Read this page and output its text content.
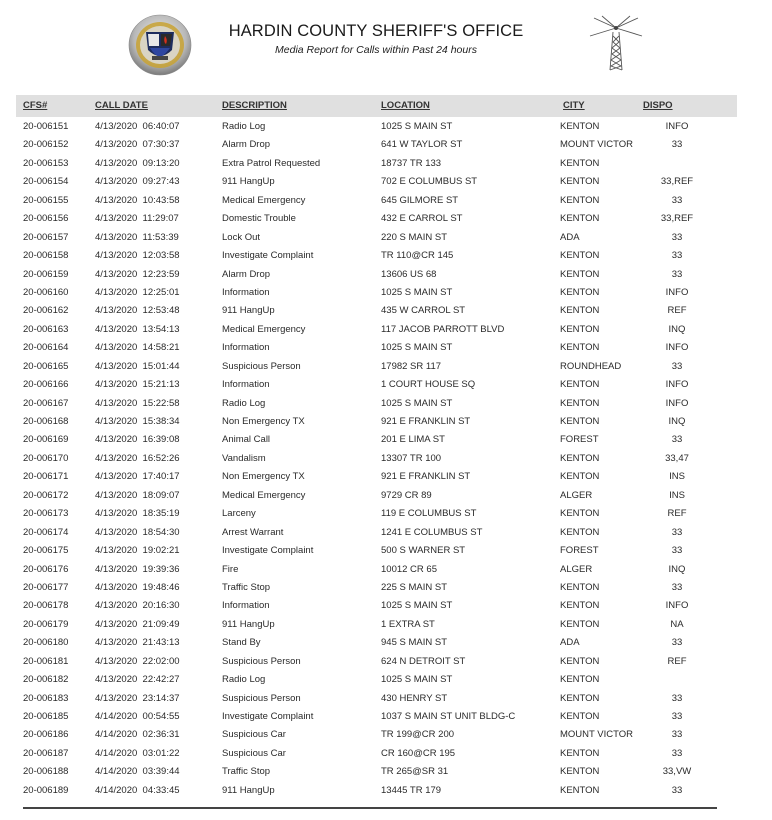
HARDIN COUNTY SHERIFF'S OFFICE
Media Report for Calls within Past 24 hours
CFS#	CALL DATE	DESCRIPTION	LOCATION	CITY	DISPO
20-006151	4/13/2020  06:40:07	Radio Log	1025 S MAIN ST	KENTON	INFO
20-006152	4/13/2020  07:30:37	Alarm Drop	641 W TAYLOR ST	MOUNT VICTOR	33
20-006153	4/13/2020  09:13:20	Extra Patrol Requested	18737 TR 133	KENTON
20-006154	4/13/2020  09:27:43	911 HangUp	702 E COLUMBUS ST	KENTON	33,REF
20-006155	4/13/2020  10:43:58	Medical Emergency	645 GILMORE ST	KENTON	33
20-006156	4/13/2020  11:29:07	Domestic Trouble	432 E CARROL ST	KENTON	33,REF
20-006157	4/13/2020  11:53:39	Lock Out	220 S MAIN ST	ADA	33
20-006158	4/13/2020  12:03:58	Investigate Complaint	TR 110@CR 145	KENTON	33
20-006159	4/13/2020  12:23:59	Alarm Drop	13606 US 68	KENTON	33
20-006160	4/13/2020  12:25:01	Information	1025 S MAIN ST	KENTON	INFO
20-006162	4/13/2020  12:53:48	911 HangUp	435 W CARROL ST	KENTON	REF
20-006163	4/13/2020  13:54:13	Medical Emergency	117 JACOB PARROTT BLVD	KENTON	INQ
20-006164	4/13/2020  14:58:21	Information	1025 S MAIN ST	KENTON	INFO
20-006165	4/13/2020  15:01:44	Suspicious Person	17982 SR 117	ROUNDHEAD	33
20-006166	4/13/2020  15:21:13	Information	1 COURT HOUSE SQ	KENTON	INFO
20-006167	4/13/2020  15:22:58	Radio Log	1025 S MAIN ST	KENTON	INFO
20-006168	4/13/2020  15:38:34	Non Emergency TX	921 E FRANKLIN ST	KENTON	INQ
20-006169	4/13/2020  16:39:08	Animal Call	201 E LIMA ST	FOREST	33
20-006170	4/13/2020  16:52:26	Vandalism	13307 TR 100	KENTON	33,47
20-006171	4/13/2020  17:40:17	Non Emergency TX	921 E FRANKLIN ST	KENTON	INS
20-006172	4/13/2020  18:09:07	Medical Emergency	9729 CR 89	ALGER	INS
20-006173	4/13/2020  18:35:19	Larceny	119 E COLUMBUS ST	KENTON	REF
20-006174	4/13/2020  18:54:30	Arrest Warrant	1241 E COLUMBUS ST	KENTON	33
20-006175	4/13/2020  19:02:21	Investigate Complaint	500 S WARNER ST	FOREST	33
20-006176	4/13/2020  19:39:36	Fire	10012 CR 65	ALGER	INQ
20-006177	4/13/2020  19:48:46	Traffic Stop	225 S MAIN ST	KENTON	33
20-006178	4/13/2020  20:16:30	Information	1025 S MAIN ST	KENTON	INFO
20-006179	4/13/2020  21:09:49	911 HangUp	1 EXTRA ST	KENTON	NA
20-006180	4/13/2020  21:43:13	Stand By	945 S MAIN ST	ADA	33
20-006181	4/13/2020  22:02:00	Suspicious Person	624 N DETROIT ST	KENTON	REF
20-006182	4/13/2020  22:42:27	Radio Log	1025 S MAIN ST	KENTON
20-006183	4/13/2020  23:14:37	Suspicious Person	430 HENRY ST	KENTON	33
20-006185	4/14/2020  00:54:55	Investigate Complaint	1037 S MAIN ST UNIT BLDG-C	KENTON	33
20-006186	4/14/2020  02:36:31	Suspicious Car	TR 199@CR 200	MOUNT VICTOR	33
20-006187	4/14/2020  03:01:22	Suspicious Car	CR 160@CR 195	KENTON	33
20-006188	4/14/2020  03:39:44	Traffic Stop	TR 265@SR 31	KENTON	33,VW
20-006189	4/14/2020  04:33:45	911 HangUp	13445 TR 179	KENTON	33
